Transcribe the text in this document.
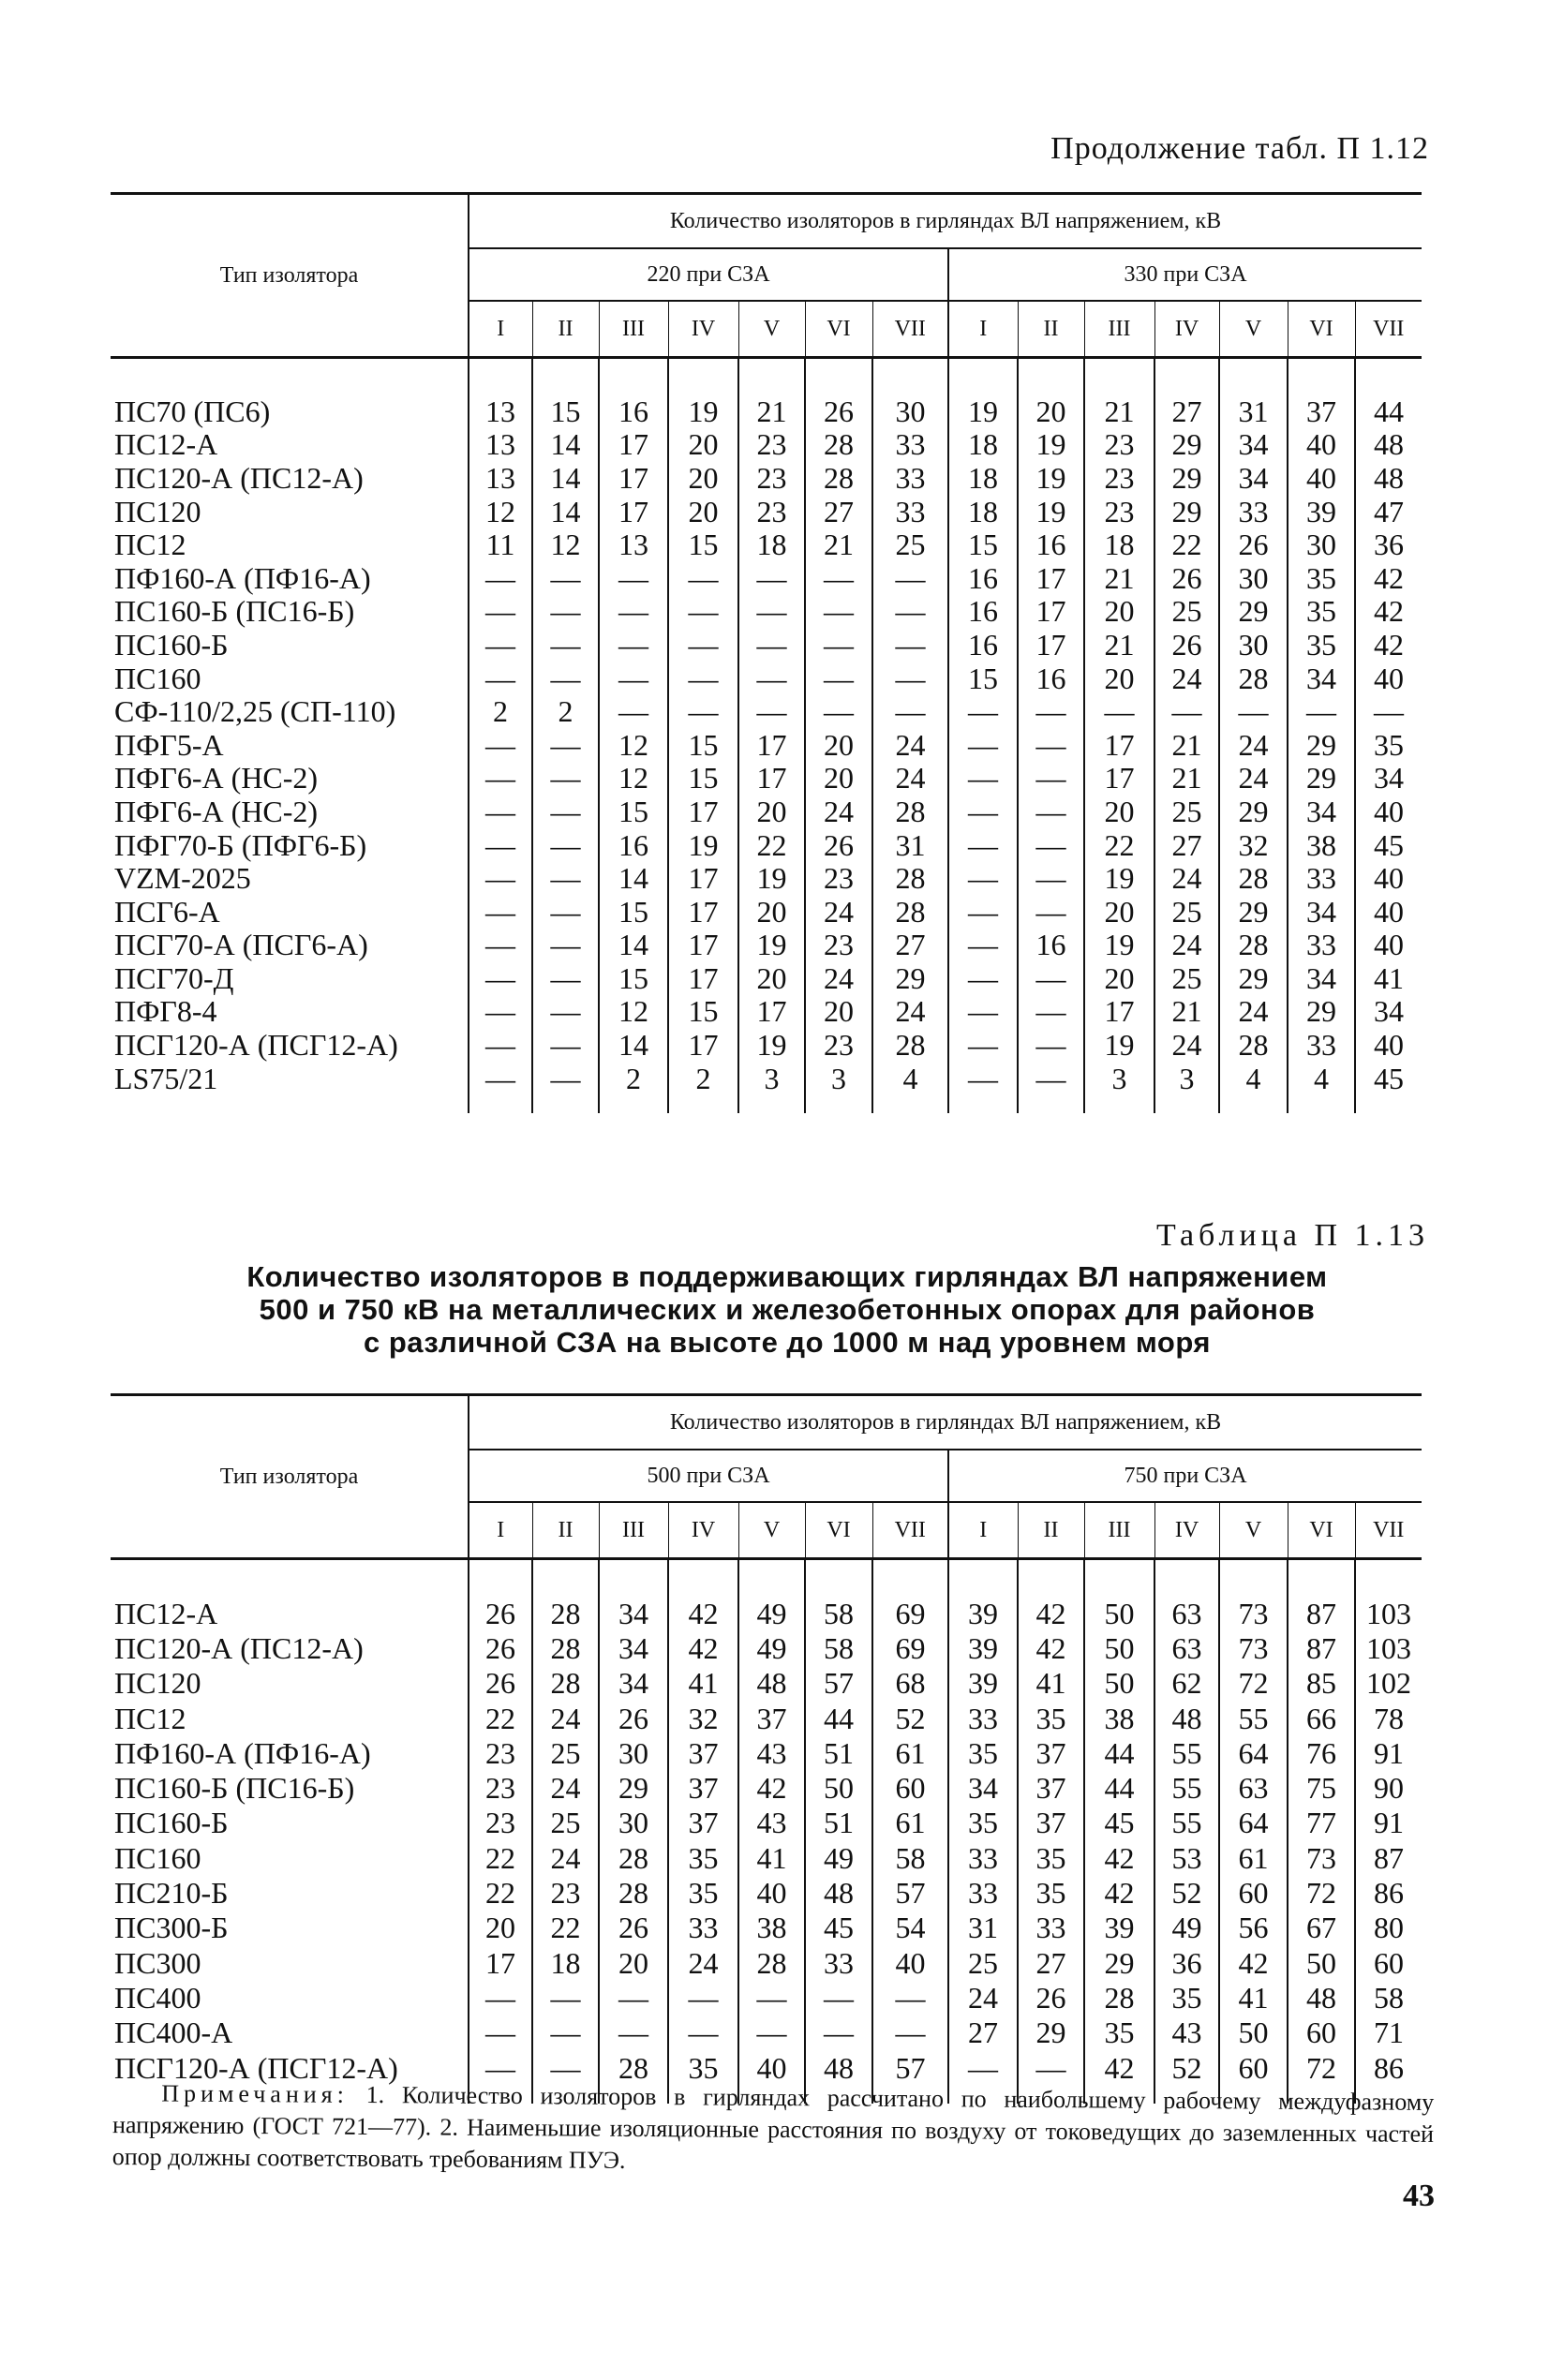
Продолжение табл. П 1.12
Тип изолятора	Количество изоляторов в гирляндах ВЛ напряжением, кВ													
	220 при СЗА							330 при СЗА						
	I	II	III	IV	V	VI	VII	I	II	III	IV	V	VI	VII

ПС70 (ПС6)	13	15	16	19	21	26	30	19	20	21	27	31	37	44
ПС12-А	13	14	17	20	23	28	33	18	19	23	29	34	40	48
ПС120-А (ПС12-А)	13	14	17	20	23	28	33	18	19	23	29	34	40	48
ПС120	12	14	17	20	23	27	33	18	19	23	29	33	39	47
ПС12	11	12	13	15	18	21	25	15	16	18	22	26	30	36
ПФ160-А (ПФ16-А)	—	—	—	—	—	—	—	16	17	21	26	30	35	42
ПС160-Б (ПС16-Б)	—	—	—	—	—	—	—	16	17	20	25	29	35	42
ПС160-Б	—	—	—	—	—	—	—	16	17	21	26	30	35	42
ПС160	—	—	—	—	—	—	—	15	16	20	24	28	34	40
СФ-110/2,25 (СП-110)	2	2	—	—	—	—	—	—	—	—	—	—	—	—
ПФГ5-А	—	—	12	15	17	20	24	—	—	17	21	24	29	35
ПФГ6-А (НС-2)	—	—	12	15	17	20	24	—	—	17	21	24	29	34
ПФГ6-А (НС-2)	—	—	15	17	20	24	28	—	—	20	25	29	34	40
ПФГ70-Б (ПФГ6-Б)	—	—	16	19	22	26	31	—	—	22	27	32	38	45
VZM-2025	—	—	14	17	19	23	28	—	—	19	24	28	33	40
ПСГ6-А	—	—	15	17	20	24	28	—	—	20	25	29	34	40
ПСГ70-А (ПСГ6-А)	—	—	14	17	19	23	27	—	16	19	24	28	33	40
ПСГ70-Д	—	—	15	17	20	24	29	—	—	20	25	29	34	41
ПФГ8-4	—	—	12	15	17	20	24	—	—	17	21	24	29	34
ПСГ120-А (ПСГ12-А)	—	—	14	17	19	23	28	—	—	19	24	28	33	40
LS75/21	—	—	2	2	3	3	4	—	—	3	3	4	4	45

Таблица П 1.13
Количество изоляторов в поддерживающих гирляндах ВЛ напряжением
500 и 750 кВ на металлических и железобетонных опорах для районов
с различной СЗА на высоте до 1000 м над уровнем моря
Тип изолятора	Количество изоляторов в гирляндах ВЛ напряжением, кВ													
	500 при СЗА							750 при СЗА						
	I	II	III	IV	V	VI	VII	I	II	III	IV	V	VI	VII

ПС12-А	26	28	34	42	49	58	69	39	42	50	63	73	87	103
ПС120-А (ПС12-А)	26	28	34	42	49	58	69	39	42	50	63	73	87	103
ПС120	26	28	34	41	48	57	68	39	41	50	62	72	85	102
ПС12	22	24	26	32	37	44	52	33	35	38	48	55	66	78
ПФ160-А (ПФ16-А)	23	25	30	37	43	51	61	35	37	44	55	64	76	91
ПС160-Б (ПС16-Б)	23	24	29	37	42	50	60	34	37	44	55	63	75	90
ПС160-Б	23	25	30	37	43	51	61	35	37	45	55	64	77	91
ПС160	22	24	28	35	41	49	58	33	35	42	53	61	73	87
ПС210-Б	22	23	28	35	40	48	57	33	35	42	52	60	72	86
ПС300-Б	20	22	26	33	38	45	54	31	33	39	49	56	67	80
ПС300	17	18	20	24	28	33	40	25	27	29	36	42	50	60
ПС400	—	—	—	—	—	—	—	24	26	28	35	41	48	58
ПС400-А	—	—	—	—	—	—	—	27	29	35	43	50	60	71
ПСГ120-А (ПСГ12-А)	—	—	28	35	40	48	57	—	—	42	52	60	72	86

Примечания: 1. Количество изоляторов в гирляндах рассчитано по наибольшему рабочему междуфазному напряжению (ГОСТ 721—77). 2. Наименьшие изоляционные расстояния по воздуху от токоведущих до заземленных частей опор должны соответствовать требованиям ПУЭ.
43
